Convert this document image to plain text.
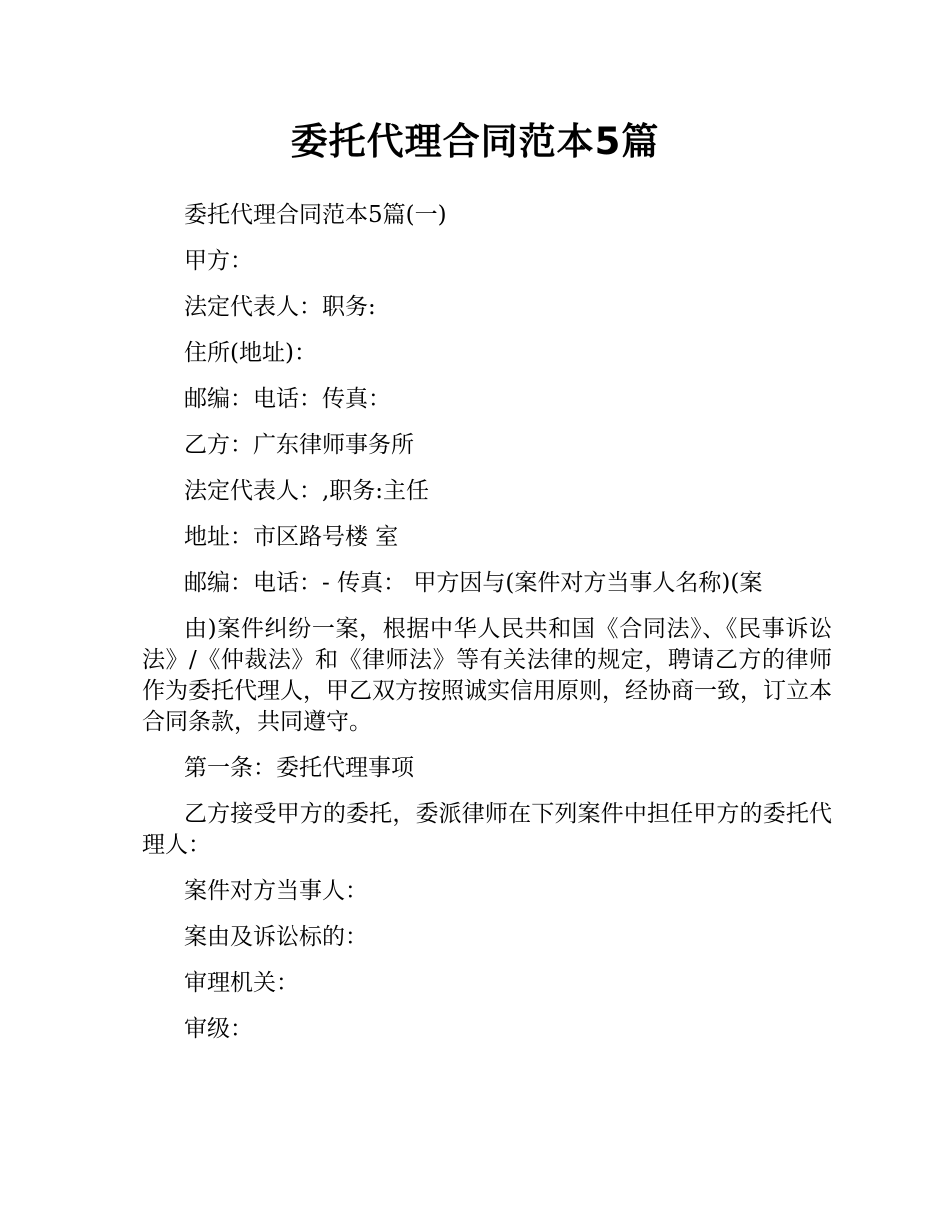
委托代理合同范本5篇

委托代理合同范本5篇(一)

甲方：

法定代表人：职务:

住所(地址)：

邮编：电话：传真：

乙方：广东律师事务所

法定代表人：,职务:主任

地址：市区路号楼 室

邮编：电话：- 传真： 甲方因与(案件对方当事人名称)(案

由)案件纠纷一案，根据中华人民共和国《合同法》、《民事诉讼法》/《仲裁法》和《律师法》等有关法律的规定，聘请乙方的律师作为委托代理人，甲乙双方按照诚实信用原则，经协商一致，订立本合同条款，共同遵守。

第一条：委托代理事项

乙方接受甲方的委托，委派律师在下列案件中担任甲方的委托代理人：

案件对方当事人：

案由及诉讼标的：

审理机关：

审级：
